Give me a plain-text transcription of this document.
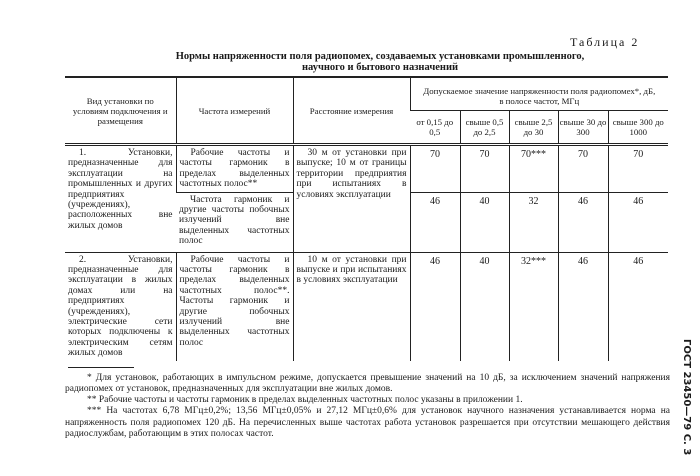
Таблица 2
Нормы напряженности поля радиопомех, создаваемых установками промышленного,
научного и бытового назначений
Вид установки по условиям подключения и размещения	Частота измерений	Расстояние измерения	Допускаемое значение напряженности поля радиопомех*, дБ, в полосе частот, МГц				
			от 0,15 до 0,5	свыше 0,5 до 2,5	свыше 2,5 до 30	свыше 30 до 300	свыше 300 до 1000
1. Установки, предназначенные для эксплуатации на промышленных и других предприятиях (учреждениях), расположенных вне жилых домов	Рабочие частоты и частоты гармоник в пределах выделенных частотных полос**	30 м от установки при выпуске; 10 м от границы территории предприятия при испытаниях в условиях эксплуатации	70	70	70***	70	70
	Частота гармоник и другие частоты побочных излучений вне выделенных частотных полос		46	40	32	46	46
2. Установки, предназначенные для эксплуатации в жилых домах или на предприятиях (учреждениях), электрические сети которых подключены к электрическим сетям жилых домов	Рабочие частоты и частоты гармоник в пределах выделенных частотных полос**. Частоты гармоник и другие побочных излучений вне выделенных частотных полос	10 м от установки при выпуске и при испытаниях в условиях эксплуатации	46	40	32***	46	46

* Для установок, работающих в импульсном режиме, допускается превышение значений на 10 дБ, за исключением значений напряжения радиопомех от установок, предназначенных для эксплуатации вне жилых домов.

** Рабочие частоты и частоты гармоник в пределах выделенных частотных полос указаны в приложении 1.

*** На частотах 6,78 МГц±0,2%; 13,56 МГц±0,05% и 27,12 МГц±0,6% для установок научного назначения устанавливается норма на напряженность поля радиопомех 120 дБ. На перечисленных выше частотах работа установок разрешается при отсутствии мешающего действия радиослужбам, работающим в этих полосах частот.	ГОСТ 23450—79 С. 3
